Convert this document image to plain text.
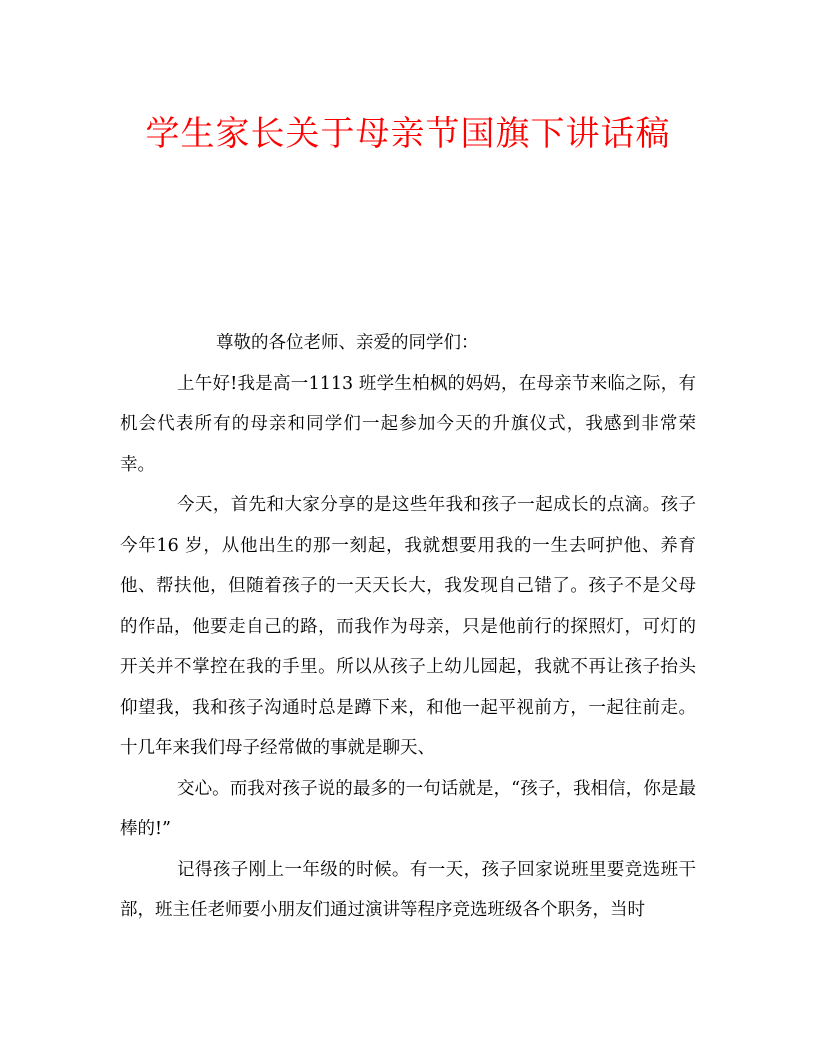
学生家长关于母亲节国旗下讲话稿

尊敬的各位老师、亲爱的同学们：

上午好!我是高一1113 班学生柏枫的妈妈，在母亲节来临之际，有机会代表所有的母亲和同学们一起参加今天的升旗仪式，我感到非常荣幸。

今天，首先和大家分享的是这些年我和孩子一起成长的点滴。孩子今年16 岁，从他出生的那一刻起，我就想要用我的一生去呵护他、养育他、帮扶他，但随着孩子的一天天长大，我发现自己错了。孩子不是父母的作品，他要走自己的路，而我作为母亲，只是他前行的探照灯，可灯的开关并不掌控在我的手里。所以从孩子上幼儿园起，我就不再让孩子抬头仰望我，我和孩子沟通时总是蹲下来，和他一起平视前方，一起往前走。十几年来我们母子经常做的事就是聊天、

交心。而我对孩子说的最多的一句话就是，“孩子，我相信，你是最棒的!”

记得孩子刚上一年级的时候。有一天，孩子回家说班里要竞选班干部，班主任老师要小朋友们通过演讲等程序竞选班级各个职务，当时
